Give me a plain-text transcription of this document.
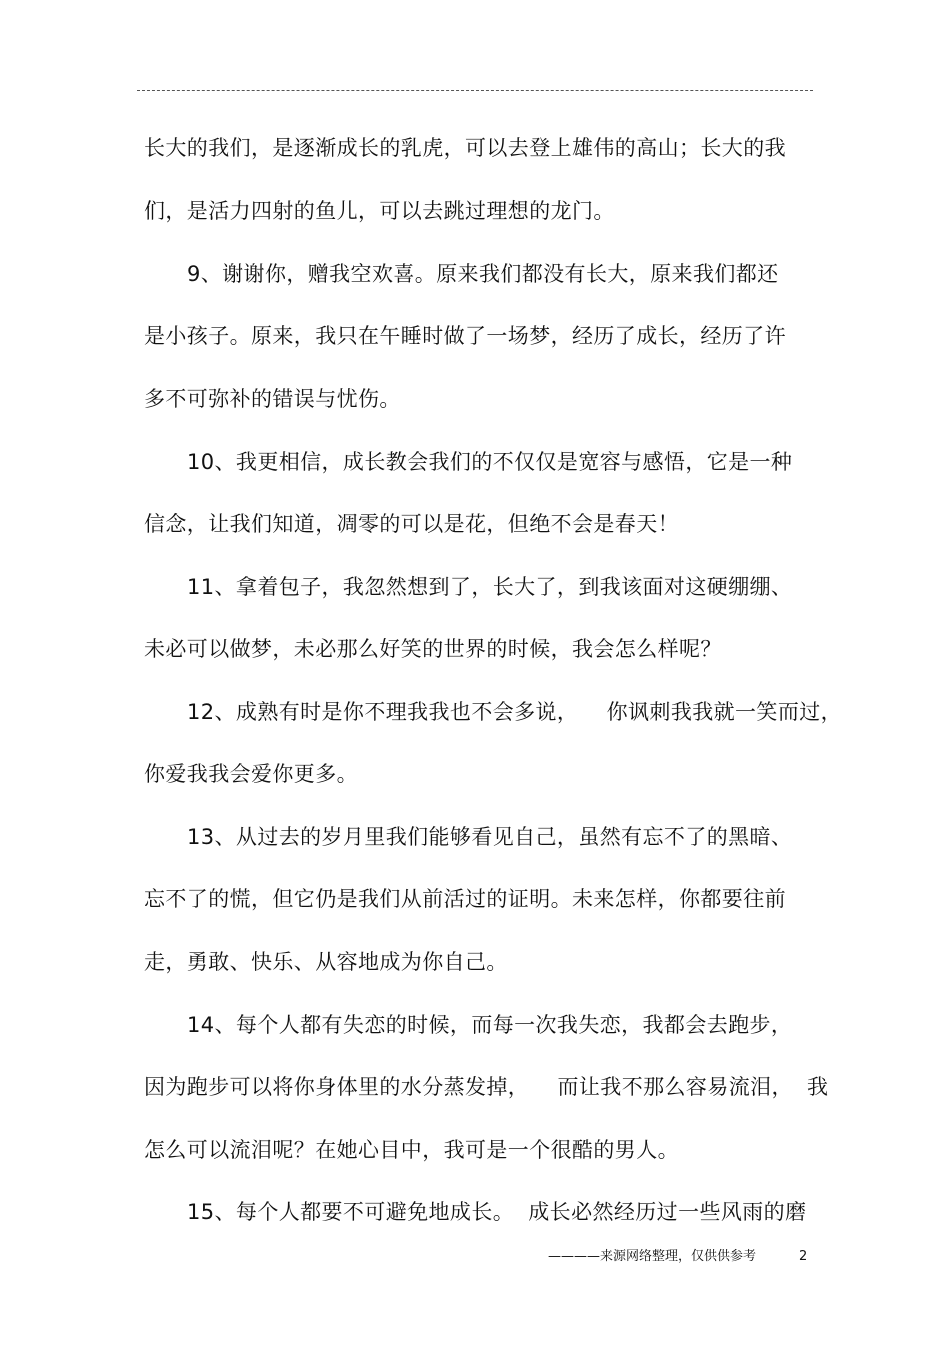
长大的我们，是逐渐成长的乳虎，可以去登上雄伟的高山；长大的我
们，是活力四射的鱼儿，可以去跳过理想的龙门。
9、谢谢你，赠我空欢喜。原来我们都没有长大，原来我们都还
是小孩子。原来，我只在午睡时做了一场梦，经历了成长，经历了许
多不可弥补的错误与忧伤。
10、我更相信，成长教会我们的不仅仅是宽容与感悟，它是一种
信念，让我们知道，凋零的可以是花，但绝不会是春天！
11、拿着包子，我忽然想到了，长大了，到我该面对这硬绷绷、
未必可以做梦，未必那么好笑的世界的时候，我会怎么样呢？
12、成熟有时是你不理我我也不会多说，    你讽刺我我就一笑而过，
你爱我我会爱你更多。
13、从过去的岁月里我们能够看见自己，虽然有忘不了的黑暗、
忘不了的慌，但它仍是我们从前活过的证明。未来怎样，你都要往前
走，勇敢、快乐、从容地成为你自己。
14、每个人都有失恋的时候，而每一次我失恋，我都会去跑步，
因为跑步可以将你身体里的水分蒸发掉，    而让我不那么容易流泪，  我
怎么可以流泪呢？在她心目中，我可是一个很酷的男人。
15、每个人都要不可避免地成长。  成长必然经历过一些风雨的磨
————来源网络整理，仅供供参考	2
